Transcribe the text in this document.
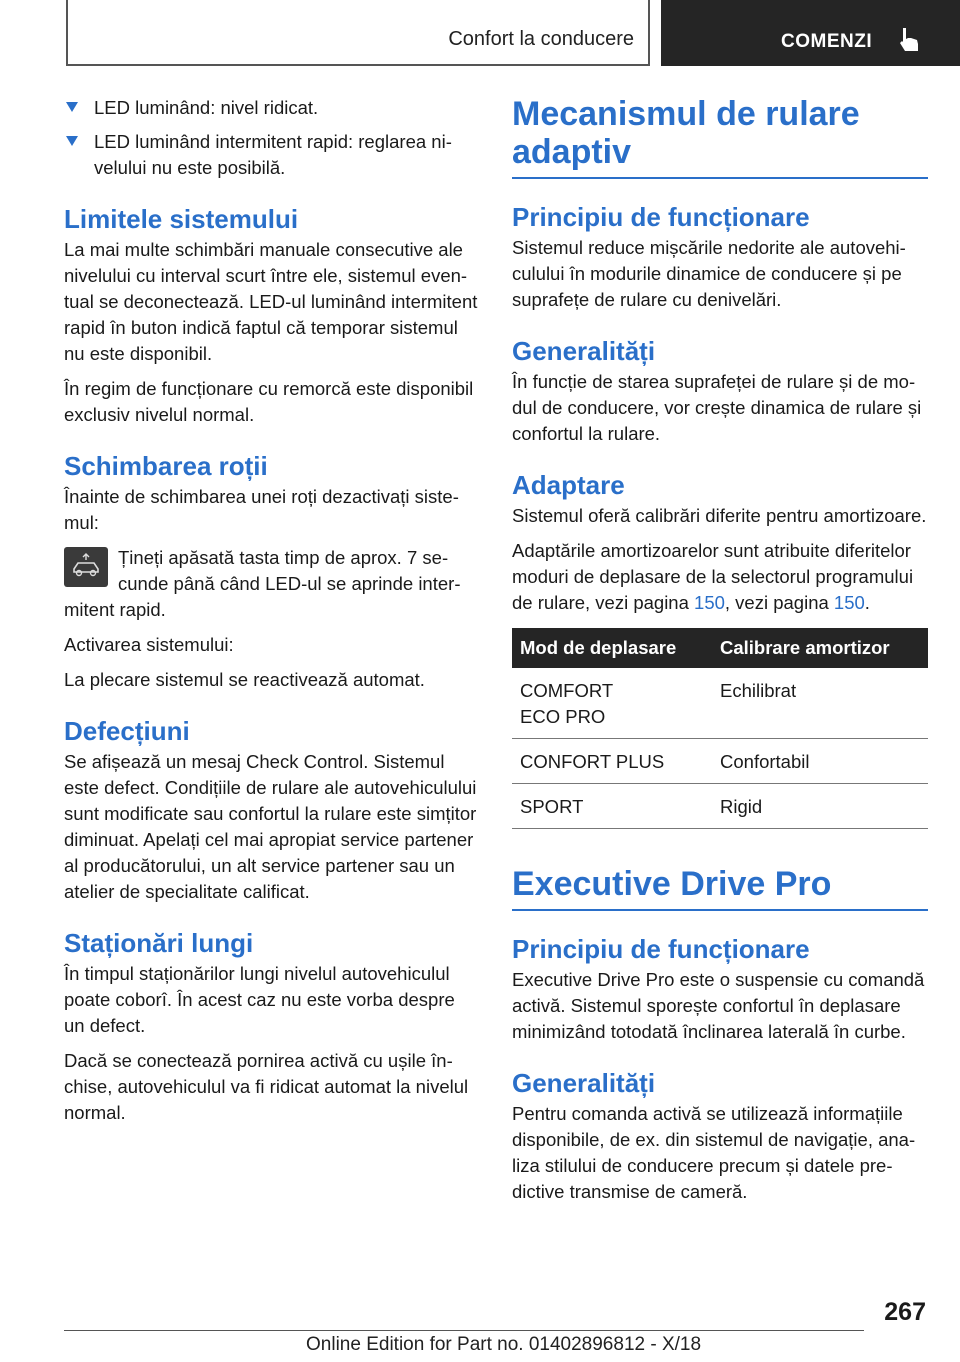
Confort la conducere	COMENZI
LED luminând: nivel ridicat.
LED luminând intermitent rapid: reglarea nivelului nu este posibilă.
Limitele sistemului

La mai multe schimbări manuale consecutive ale nivelului cu interval scurt între ele, sistemul eventual se deconectează. LED-ul luminând intermitent rapid în buton indică faptul că temporar sistemul nu este disponibil.

În regim de funcționare cu remorcă este disponibil exclusiv nivelul normal.

Schimbarea roții

Înainte de schimbarea unei roți dezactivați sistemul:

Țineți apăsată tasta timp de aprox. 7 secunde până când LED-ul se aprinde intermitent rapid.

Activarea sistemului:

La plecare sistemul se reactivează automat.

Defecțiuni

Se afișează un mesaj Check Control. Sistemul este defect. Condițiile de rulare ale autovehiculului sunt modificate sau confortul la rulare este simțitor diminuat. Apelați cel mai apropiat service partener al producătorului, un alt service partener sau un atelier de specialitate calificat.

Staționări lungi

În timpul staționărilor lungi nivelul autovehiculul poate coborî. În acest caz nu este vorba despre un defect.

Dacă se conectează pornirea activă cu ușile închise, autovehiculul va fi ridicat automat la nivelul normal.

Mecanismul de rulare adaptiv
Principiu de funcționare

Sistemul reduce mișcările nedorite ale autovehiculului în modurile dinamice de conducere și pe suprafețe de rulare cu denivelări.

Generalități

În funcție de starea suprafeței de rulare și de modul de conducere, vor crește dinamica de rulare și confortul la rulare.

Adaptare

Sistemul oferă calibrări diferite pentru amortizoare.

Adaptările amortizoarelor sunt atribuite diferitelor moduri de deplasare de la selectorul programului de rulare, vezi pagina 150, vezi pagina 150.

Mod de deplasare	Calibrare amortizor

COMFORT
ECO PRO	Echilibrat
CONFORT PLUS	Confortabil
SPORT	Rigid
Executive Drive Pro
Principiu de funcționare

Executive Drive Pro este o suspensie cu comandă activă. Sistemul sporește confortul în deplasare minimizând totodată înclinarea laterală în curbe.

Generalități

Pentru comanda activă se utilizează informațiile disponibile, de ex. din sistemul de navigație, analiza stilului de conducere precum și datele predictive transmise de cameră.

267
Online Edition for Part no. 01402896812 - X/18
